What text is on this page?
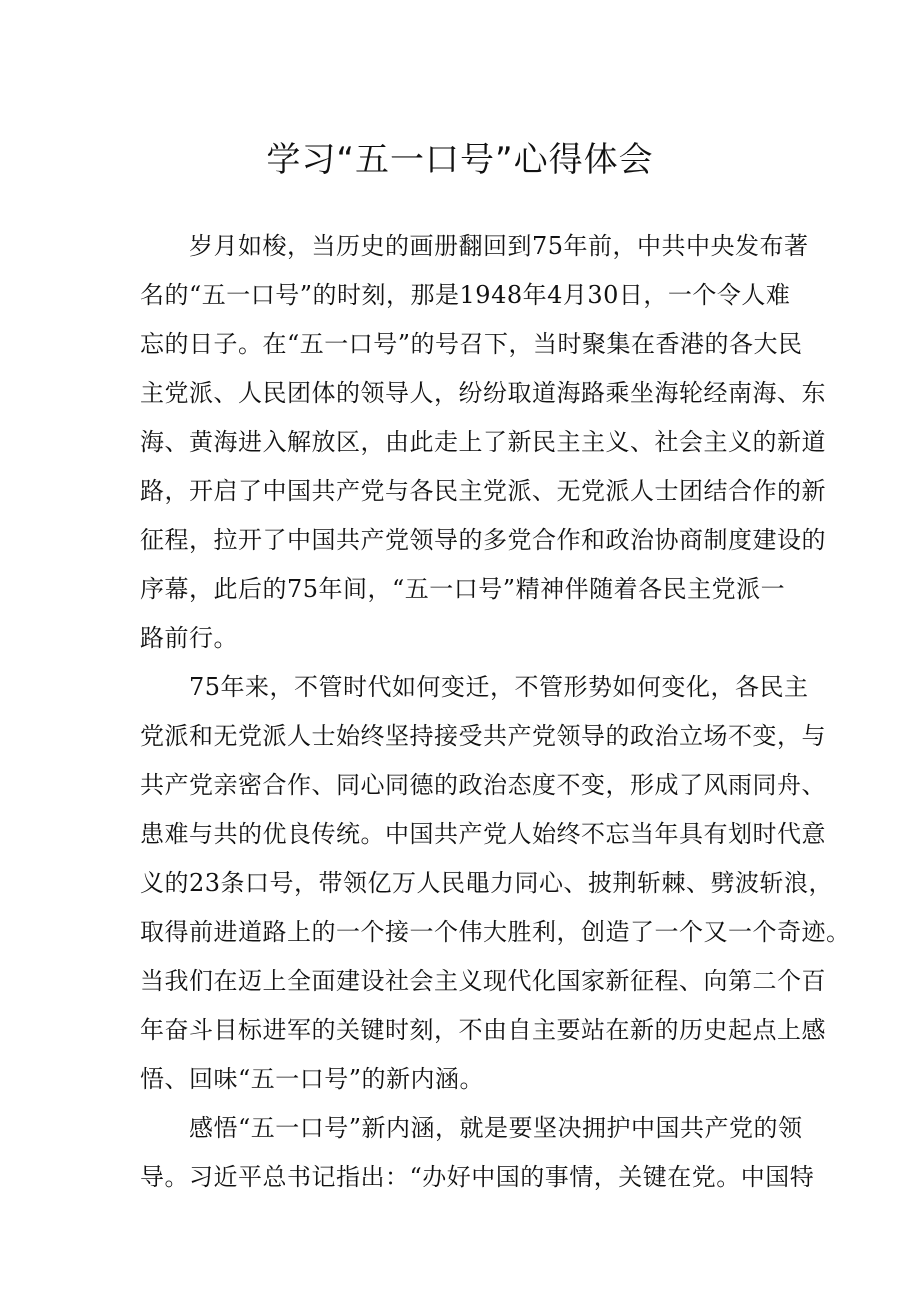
学习“五一口号”心得体会
岁月如梭，当历史的画册翻回到75年前，中共中央发布著
名的“五一口号”的时刻，那是1948年4月30日，一个令人难
忘的日子。在“五一口号”的号召下，当时聚集在香港的各大民
主党派、人民团体的领导人，纷纷取道海路乘坐海轮经南海、东
海、黄海进入解放区，由此走上了新民主主义、社会主义的新道
路，开启了中国共产党与各民主党派、无党派人士团结合作的新
征程，拉开了中国共产党领导的多党合作和政治协商制度建设的
序幕，此后的75年间，“五一口号”精神伴随着各民主党派一
路前行。
75年来，不管时代如何变迁，不管形势如何变化，各民主
党派和无党派人士始终坚持接受共产党领导的政治立场不变，与
共产党亲密合作、同心同德的政治态度不变，形成了风雨同舟、
患难与共的优良传统。中国共产党人始终不忘当年具有划时代意
义的23条口号，带领亿万人民黽力同心、披荆斩棘、劈波斩浪，
取得前进道路上的一个接一个伟大胜利，创造了一个又一个奇迹。
当我们在迈上全面建设社会主义现代化国家新征程、向第二个百
年奋斗目标进军的关键时刻，不由自主要站在新的历史起点上感
悟、回味“五一口号”的新内涵。
感悟“五一口号”新内涵，就是要坚决拥护中国共产党的领
导。习近平总书记指出：“办好中国的事情，关键在党。中国特
